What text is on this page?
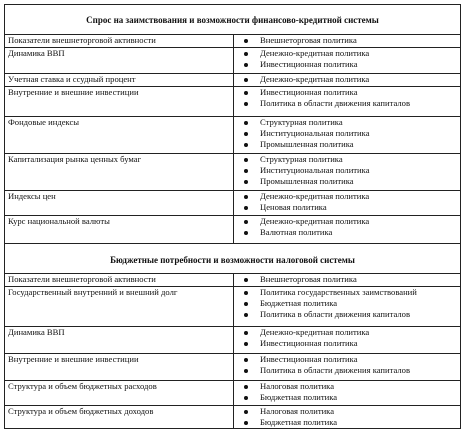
Спрос на заимствования и возможности финансово-кредитной системы
Показатели внешнеторговой активности	Внешнеторговая политика
Динамика ВВП	Денежно-кредитная политика
Инвестиционная политика
Учетная ставка и ссудный процент	Денежно-кредитная политика
Внутренние и внешние инвестиции	Инвестиционная политика
Политика в области движения капиталов
Фондовые индексы	Структурная политика
Институциональная политика
Промышленная политика
Капитализация рынка ценных бумаг	Структурная политика
Институциональная политика
Промышленная политика
Индексы цен	Денежно-кредитная политика
Ценовая политика
Курс национальной валюты	Денежно-кредитная политика
Валютная политика
Бюджетные потребности и возможности налоговой системы
Показатели внешнеторговой активности	Внешнеторговая политика
Государственный внутренний и внешний долг	Политика государственных заимствований
Бюджетная политика
Политика в области движения капиталов
Динамика ВВП	Денежно-кредитная политика
Инвестиционная политика
Внутренние и внешние инвестиции	Инвестиционная политика
Политика в области движения капиталов
Структура и объем бюджетных расходов	Налоговая политика
Бюджетная политика
Структура и объем бюджетных доходов	Налоговая политика
Бюджетная политика
